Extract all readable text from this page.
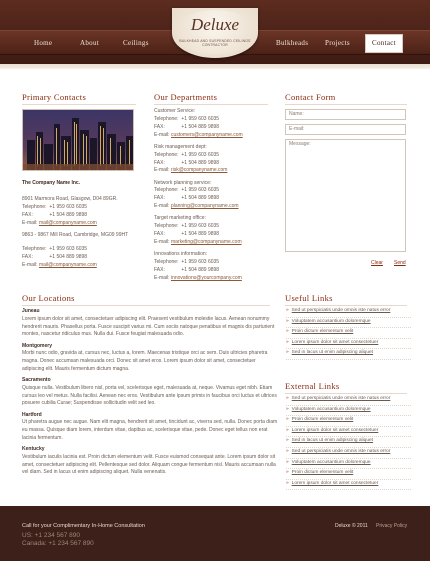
Home	About	Ceilings	Bulkheads Projects	Contact
Deluxe
BULKHEAD AND SUSPENDED CEILINGS CONTRACTOR
Primary Contacts
The Company Name Inc.
8901 Marmora Road, Glasgow, D04 89GR.
Telephone: +1 959 603 6035
FAX:	+1 504 889 9898
E-mail: mail@companyname.com
9863 - 9867 Mill Road, Cambridge, MG09 99HT
Telephone: +1 959 603 6035
FAX:	+1 504 889 9898
E-mail: mail@companyname.com
Our Departments
Customer Service:
Telephone: +1 959 603 6035
FAX:	+1 504 889 9898
E-mail: customers@companyname.com
Risk management dept:
Telephone: +1 959 603 6035
FAX:	+1 504 889 9898
E-mail: risk@companyname.com
Network planning service:
Telephone: +1 959 603 6035
FAX:	+1 504 889 9898
E-mail: planning@companyname.com
Target marketing office:
Telephone: +1 959 603 6035
FAX:	+1 504 889 9898
E-mail: marketing@companyname.com
Innovations information:
Telephone: +1 959 603 6035
FAX:	+1 504 889 9898
E-mail: innovations@yourcompany.com
Contact Form
Name:
E-mail:
Message:
Clear Send
Our Locations
Juneau
Lorem ipsum dolor sit amet, consectetuer adipiscing elit. Praesent vestibulum molestie lacus. Aenean nonummy hendrerit mauris. Phasellus porta. Fusce suscipit varius mi. Cum sociis natoque penatibus et magnis dis parturient montes, nascetur ridiculus mus. Nulla dui. Fusce feugiat malesuada odio.
Montgomery
Morbi nunc odio, gravida at, cursus nec, luctus a, lorem. Maecenas tristique orci ac sem. Duis ultricies pharetra magna. Donec accumsan malesuada orci. Donec sit amet eros. Lorem ipsum dolor sit amet, consectetuer adipiscing elit. Mauris fermentum dictum magna.
Sacramento
Quisque nulla. Vestibulum libero nisl, porta vel, scelerisque eget, malesuada at, neque. Vivamus eget nibh. Etiam cursus leo vel metus. Nulla facilisi. Aenean nec eros. Vestibulum ante ipsum primis in faucibus orci luctus et ultrices posuere cubilia Curae; Suspendisse sollicitudin velit sed leo.
Hartford
Ut pharetra augue nec augue. Nam elit magna, hendrerit sit amet, tincidunt ac, viverra sed, nulla. Donec porta diam eu massa. Quisque diam lorem, interdum vitae, dapibus ac, scelerisque vitae, pede. Donec eget tellus non erat lacinia fermentum.
Kentucky
Vestibulum iaculis lacinia est. Proin dictum elementum velit. Fusce euismod consequat ante. Lorem ipsum dolor sit amet, consectetuer adipiscing elit. Pellentesque sed dolor. Aliquam congue fermentum nisl. Mauris accumsan nulla vel diam. Sed in lacus ut enim adipiscing aliquet. Nulla venenatis.
Useful Links
» Sed ut perspiciatis unde omnis iste natus error
» Voluptatem accusantium doloremque
» Proin dictum elementum velit
» Lorem ipsum dolor sit amet consectetuer
» Sed in lacus ut enim adipiscing aliquet
External Links
» Sed ut perspiciatis unde omnis iste natus error
» Voluptatem accusantium doloremque
» Proin dictum elementum velit
» Lorem ipsum dolor sit amet consectetuer
» Sed in lacus ut enim adipiscing aliquet
» Sed ut perspiciatis unde omnis iste natus error
» Voluptatem accusantium doloremque
» Proin dictum elementum velit
» Lorem ipsum dolor sit amet consectetuer
Call for your Complimentary In-Home Consultation
US: +1 234 567 890
Canada: +1 234 567 890
Deluxe © 2011 Privacy Policy
